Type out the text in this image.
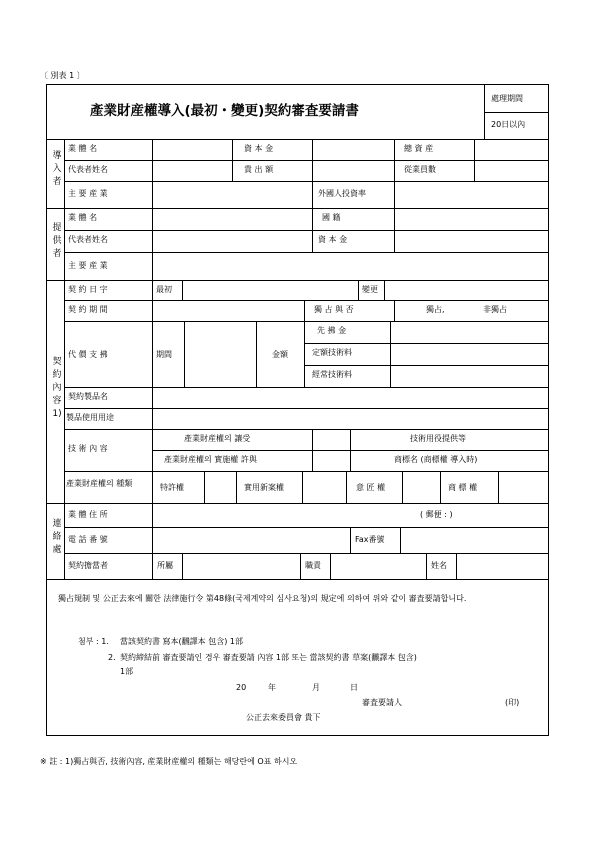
〔 別表 1 〕
產業財産權導入(最初・變更)契約審査要請書
處理期間
20日以內
導
入
者
業 體 名	資 本 金	總 資 産
代表者姓名	貴 出 額	從業員數
主 要 産 業	外國人投資率
提
供
者
業 體 名	國 籍
代表者姓名	資 本 金
主 要 産 業
契
約
內
容
1)
契 約 日 字	最初	變更
契 約 期 間	獨 占 與 否	獨占,	非獨占
代 價 支 拂	期間	金額
先 拂 金
定額技術料
經常技術料
契約製品名
製品使用用途
技 術 內 容
產業財産權의 讓受	技術用役提供等
產業財産權의 實施權 許與	商標名 (商標權 導入時)
產業財産權의 種類	特許權	實用新案權	意 匠 權	商 標 權
連
絡
處
業 體 住 所	( 郵便 : )
電 話 番 號	Fax番號
契約擔當者	所屬	職責	姓名
獨占規制 및 公正去來에 關한 法律施行令 第48條(국제계약의 심사요청)의 規定에 의하여 위와 같이 審査要請합니다.
첨부 : 1. 當該契約書 寫本(飜譯本 包含) 1部
2. 契約締結前 審査要請인 경우 審査要請 內容 1部 또는 當該契約書 草案(飜譯本 包含)
1部
20	年	月	日
審査要請人	(印)
公正去來委員會 貴下
※ 註 : 1)獨占與否, 技術內容, 産業財産權의 種類는 해당란에 O표 하시오
